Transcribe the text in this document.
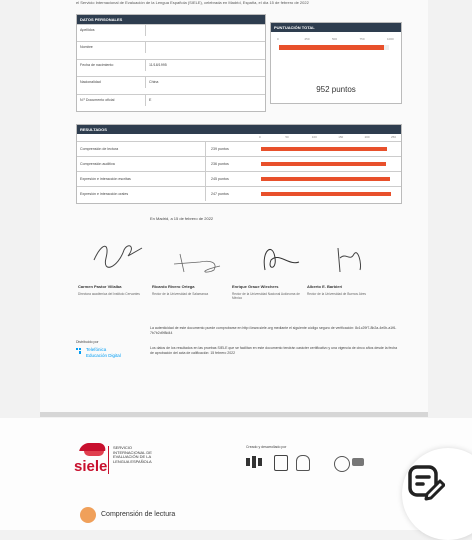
el Servicio Internacional de Evaluación de la Lengua Española (SIELE), celebrada en Madrid, España, el día 15 de febrero de 2022
DATOS PERSONALES
Apellidos
Nombre
Fecha de nacimiento	11/18/1995
Nacionalidad	China
N.º Documento oficial	E
PUNTUACIÓN TOTAL
0	250	500	750	1000
952 puntos
RESULTADOS
0	50	100	150	200	250
Comprensión de lectura	239 puntos
Comprensión auditiva	236 puntos
Expresión e interacción escritas	245 puntos
Expresión e interacción orales	247 puntos
En Madrid, a 15 de febrero de 2022
Carmen Pastor Villalba
Directora académica del Instituto Cervantes
Ricardo Rivero Ortega
Rector de la Universidad de Salamanca
Enrique Graue Wiechers
Rector de la Universidad Nacional Autónoma de México
Alberto E. Barbieri
Rector de la Universidad de Buenos Aires
Distribuido por
Telefónica
Educación Digital
La autenticidad de este documento puede comprobarse en http://www.siele.org mediante el siguiente código seguro de verificación: 8c1c29f7-8b2a-4e0b-a1f6-7b7b2d9f8d44
Los datos de los resultados en las pruebas SIELE que se facilitan en este documento tendrán carácter certificativo y una vigencia de cinco años desde la fecha de aprobación del acta de calificación: 15 febrero 2022
siele
SERVICIO INTERNACIONAL DE EVALUACIÓN DE LA LENGUA ESPAÑOLA
Creado y desarrollado por
Comprensión de lectura
